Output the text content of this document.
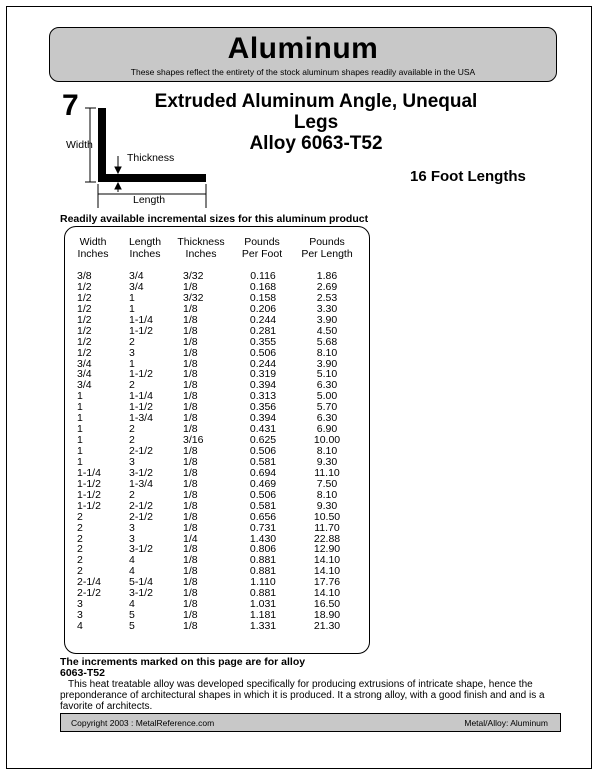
Aluminum
These shapes reflect the entirety of the stock aluminum shapes readily available in the USA
7	Extruded Aluminum Angle, Unequal
Legs
Alloy 6063-T52
16 Foot Lengths
Width
Thickness
Length
Readily available incremental sizes for this aluminum product
Width
Inches
Length
Inches
Thickness
Inches
Pounds
Per Foot
Pounds
Per Length
3/8
1/2
1/2
1/2
1/2
1/2
1/2
1/2
3/4
3/4
3/4
1
1
1
1
1
1
1
1-1/4
1-1/2
1-1/2
1-1/2
2
2
2
2
2
2
2-1/4
2-1/2
3
3
4
3/4
3/4
1
1
1-1/4
1-1/2
2
3
1
1-1/2
2
1-1/4
1-1/2
1-3/4
2
2
2-1/2
3
3-1/2
1-3/4
2
2-1/2
2-1/2
3
3
3-1/2
4
4
5-1/4
3-1/2
4
5
5
3/32
1/8
3/32
1/8
1/8
1/8
1/8
1/8
1/8
1/8
1/8
1/8
1/8
1/8
1/8
3/16
1/8
1/8
1/8
1/8
1/8
1/8
1/8
1/8
1/4
1/8
1/8
1/8
1/8
1/8
1/8
1/8
1/8
0.116
0.168
0.158
0.206
0.244
0.281
0.355
0.506
0.244
0.319
0.394
0.313
0.356
0.394
0.431
0.625
0.506
0.581
0.694
0.469
0.506
0.581
0.656
0.731
1.430
0.806
0.881
0.881
1.110
0.881
1.031
1.181
1.331
1.86
2.69
2.53
3.30
3.90
4.50
5.68
8.10
3.90
5.10
6.30
5.00
5.70
6.30
6.90
10.00
8.10
9.30
11.10
7.50
8.10
9.30
10.50
11.70
22.88
12.90
14.10
14.10
17.76
14.10
16.50
18.90
21.30
The increments marked on this page are for alloy
6063-T52
This heat treatable alloy was developed specifically for producing extrusions of intricate shape, hence the preponderance of architectural shapes in which it is produced. It a strong alloy, with a good finish and and is a favorite of architects.
Copyright 2003 : MetalReference.com	Metal/Alloy: Aluminum
